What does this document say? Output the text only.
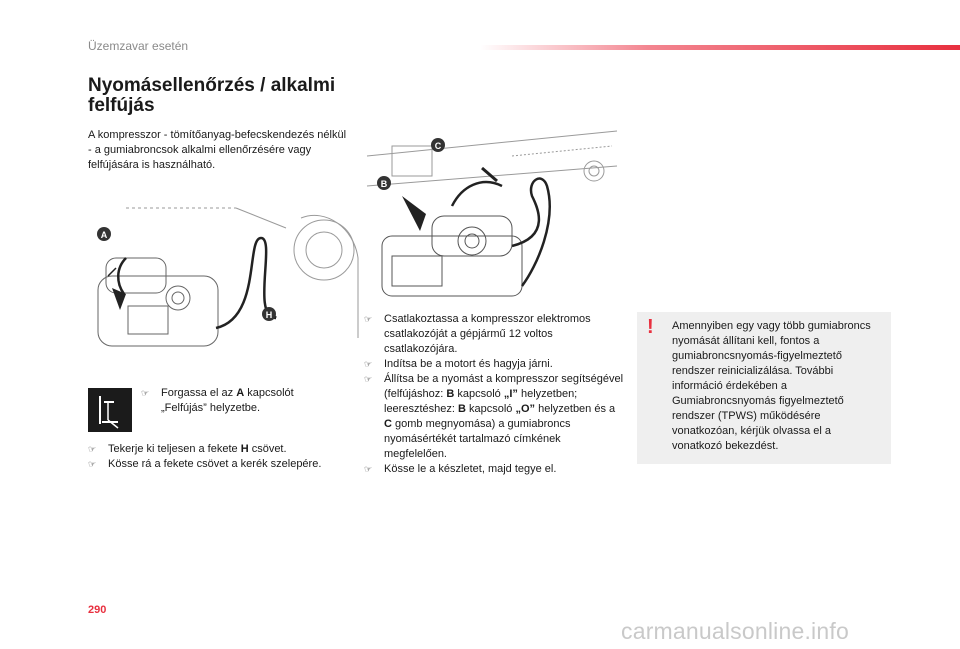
Üzemzavar esetén
Nyomásellenőrzés / alkalmi felfújás
A kompresszor - tömítőanyag-befecskendezés nélkül - a gumiabroncsok alkalmi ellenőrzésére vagy felfújására is használható.
A
H
C
B
☞ Forgassa el az A kapcsolót „Felfújás” helyzetbe.
☞ Tekerje ki teljesen a fekete H csövet.
☞ Kösse rá a fekete csövet a kerék szelepére.
☞ Csatlakoztassa a kompresszor elektromos csatlakozóját a gépjármű 12 voltos csatlakozójára.
☞ Indítsa be a motort és hagyja járni.
☞ Állítsa be a nyomást a kompresszor segítségével (felfújáshoz: B kapcsoló „I” helyzetben; leeresztéshez: B kapcsoló „O” helyzetben és a C gomb megnyomása) a gumiabroncs nyomásértékét tartalmazó címkének megfelelően.
☞ Kösse le a készletet, majd tegye el.
! Amennyiben egy vagy több gumiabroncs nyomását állítani kell, fontos a gumiabroncsnyomás-figyelmeztető rendszer reinicializálása. További információ érdekében a Gumiabroncsnyomás figyelmeztető rendszer (TPWS) működésére vonatkozóan, kérjük olvassa el a vonatkozó bekezdést.
290
carmanualsonline.info
